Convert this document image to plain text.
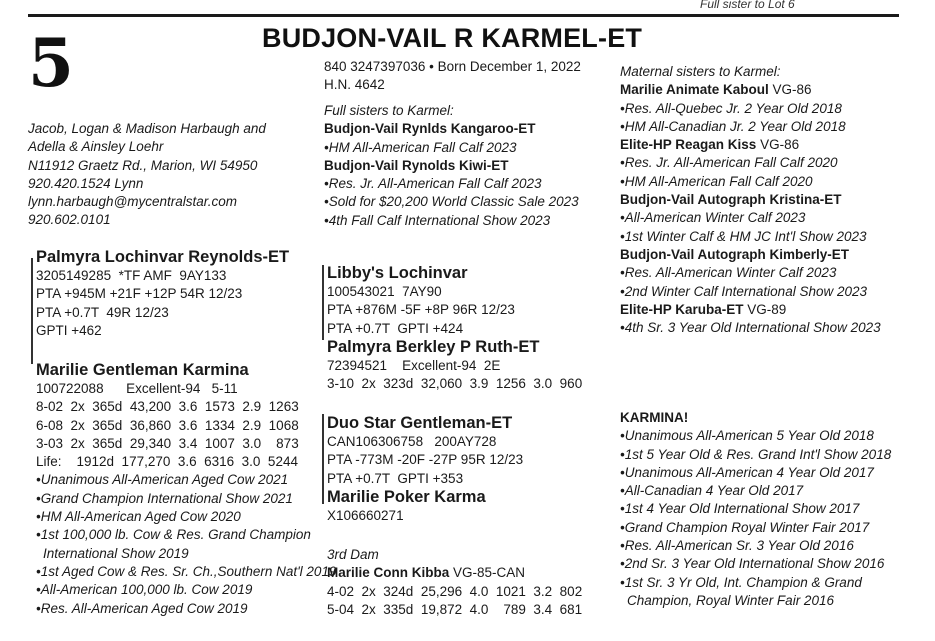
Full sister to Lot 6
5	BUDJON-VAIL R KARMEL-ET
840 3247397036 • Born December 1, 2022
H.N. 4642
Jacob, Logan & Madison Harbaugh and
Adella & Ainsley Loehr
N11912 Graetz Rd., Marion, WI 54950
920.420.1524 Lynn
lynn.harbaugh@mycentralstar.com
920.602.0101
Full sisters to Karmel:
Budjon-Vail Rynlds Kangaroo-ET
•HM All-American Fall Calf 2023
Budjon-Vail Rynolds Kiwi-ET
•Res. Jr. All-American Fall Calf 2023
•Sold for $20,200 World Classic Sale 2023
•4th Fall Calf International Show 2023
Maternal sisters to Karmel:
Marilie Animate Kaboul VG-86
•Res. All-Quebec Jr. 2 Year Old 2018
•HM All-Canadian Jr. 2 Year Old 2018
Elite-HP Reagan Kiss VG-86
•Res. Jr. All-American Fall Calf 2020
•HM All-American Fall Calf 2020
Budjon-Vail Autograph Kristina-ET
•All-American Winter Calf 2023
•1st Winter Calf & HM JC Int'l Show 2023
Budjon-Vail Autograph Kimberly-ET
•Res. All-American Winter Calf 2023
•2nd Winter Calf International Show 2023
Elite-HP Karuba-ET VG-89
•4th Sr. 3 Year Old International Show 2023
Palmyra Lochinvar Reynolds-ET
3205149285  *TF AMF  9AY133
PTA +945M +21F +12P 54R 12/23
PTA +0.7T  49R 12/23
GPTI +462
Marilie Gentleman Karmina
100722088      Excellent-94   5-11
8-02  2x  365d  43,200  3.6  1573  2.9  1263
6-08  2x  365d  36,860  3.6  1334  2.9  1068
3-03  2x  365d  29,340  3.4  1007  3.0    873
Life:    1912d  177,270  3.6  6316  3.0  5244
•Unanimous All-American Aged Cow 2021
•Grand Champion International Show 2021
•HM All-American Aged Cow 2020
•1st 100,000 lb. Cow & Res. Grand Champion
International Show 2019
•1st Aged Cow & Res. Sr. Ch.,Southern Nat'l 2019
•All-American 100,000 lb. Cow 2019
•Res. All-American Aged Cow 2019
Libby's Lochinvar
100543021  7AY90
PTA +876M -5F +8P 96R 12/23
PTA +0.7T  GPTI +424
Palmyra Berkley P Ruth-ET
72394521    Excellent-94  2E
3-10  2x  323d  32,060  3.9  1256  3.0  960
Duo Star Gentleman-ET
CAN106306758   200AY728
PTA -773M -20F -27P 95R 12/23
PTA +0.7T  GPTI +353
Marilie Poker Karma
X106660271
3rd Dam
Marilie Conn Kibba VG-85-CAN
4-02  2x  324d  25,296  4.0  1021  3.2  802
5-04  2x  335d  19,872  4.0    789  3.4  681
KARMINA!
•Unanimous All-American 5 Year Old 2018
•1st 5 Year Old & Res. Grand Int'l Show 2018
•Unanimous All-American 4 Year Old 2017
•All-Canadian 4 Year Old 2017
•1st 4 Year Old International Show 2017
•Grand Champion Royal Winter Fair 2017
•Res. All-American Sr. 3 Year Old 2016
•2nd Sr. 3 Year Old International Show 2016
•1st Sr. 3 Yr Old, Int. Champion & Grand
Champion, Royal Winter Fair 2016
